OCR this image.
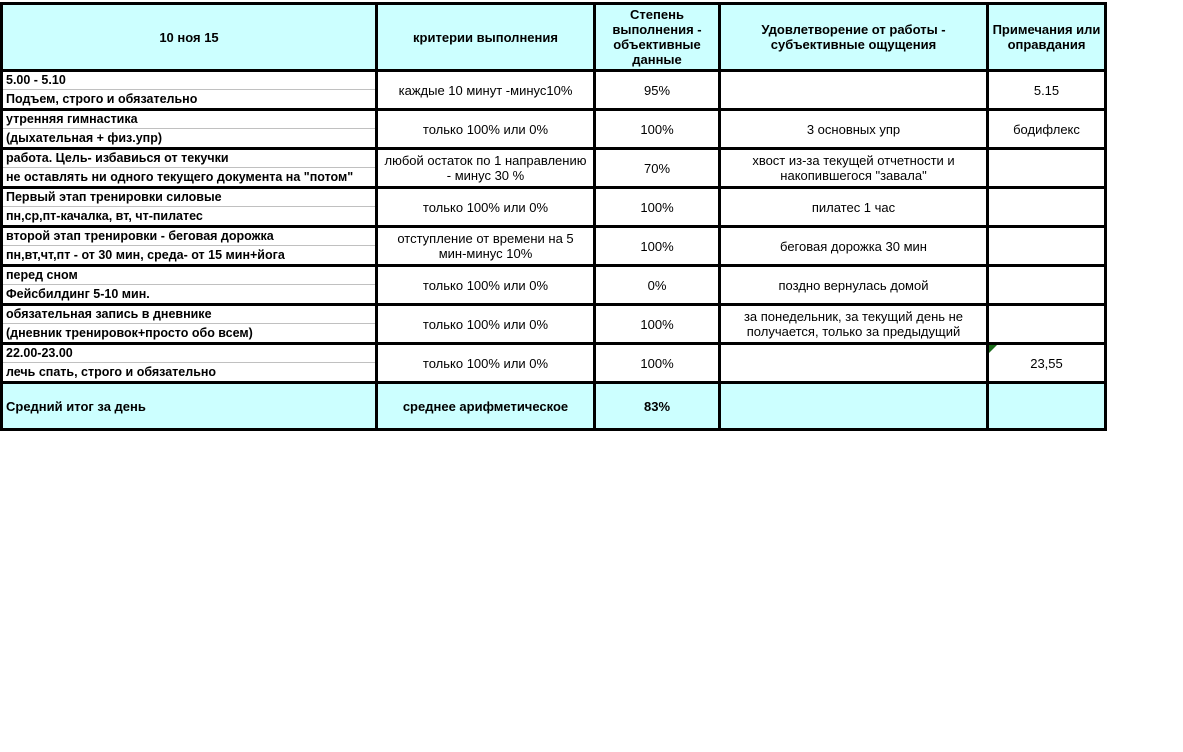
10 ноя 15	критерии выполнения	Степень выполнения - объективные данные	Удовлетворение от работы - субъективные ощущения	Примечания или оправдания

5.00 - 5.10
Подъем, строго и обязательно	каждые 10 минут -минус10%	95%		5.15

утренняя гимнастика
(дыхательная + физ.упр)	только 100% или 0%	100%	3 основных упр	бодифлекс

работа. Цель- избавиься от текучки
не оставлять ни одного текущего документа на "потом"	любой остаток по 1 направлению - минус 30 %	70%	хвост из-за текущей отчетности и накопившегося "завала"	

Первый этап тренировки силовые
пн,ср,пт-качалка, вт, чт-пилатес	только 100% или 0%	100%	пилатес 1 час	

второй этап тренировки - беговая дорожка
пн,вт,чт,пт - от 30 мин, среда- от 15 мин+йога	отступление от времени на 5 мин-минус 10%	100%	беговая дорожка 30 мин	

перед сном
Фейсбилдинг 5-10 мин.	только 100% или 0%	0%	поздно вернулась домой	

обязательная запись в дневнике
(дневник тренировок+просто обо всем)	только 100% или 0%	100%	за понедельник, за текущий день не получается, только за предыдущий	

22.00-23.00
лечь спать, строго и обязательно	только 100% или 0%	100%		23,55
Средний итог за день	среднее арифметическое	83%		
